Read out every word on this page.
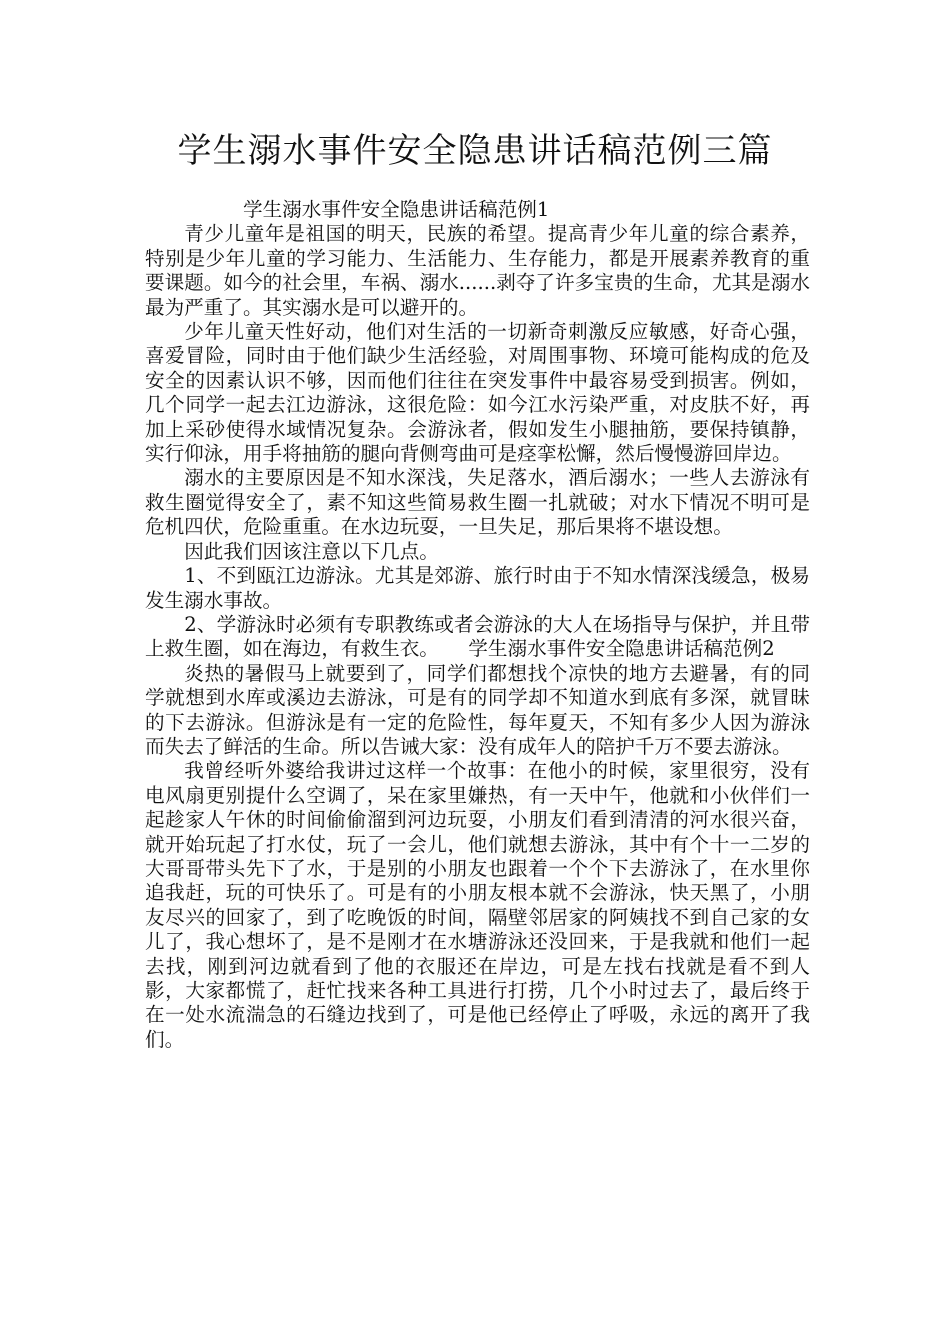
学生溺水事件安全隐患讲话稿范例三篇

学生溺水事件安全隐患讲话稿范例1

青少儿童年是祖国的明天，民族的希望。提高青少年儿童的综合素养，特别是少年儿童的学习能力、生活能力、生存能力，都是开展素养教育的重要课题。如今的社会里，车祸、溺水......剥夺了许多宝贵的生命，尤其是溺水最为严重了。其实溺水是可以避开的。

少年儿童天性好动，他们对生活的一切新奇刺激反应敏感，好奇心强，喜爱冒险，同时由于他们缺少生活经验，对周围事物、环境可能构成的危及安全的因素认识不够，因而他们往往在突发事件中最容易受到损害。例如，几个同学一起去江边游泳，这很危险：如今江水污染严重，对皮肤不好，再加上采砂使得水域情况复杂。会游泳者，假如发生小腿抽筋，要保持镇静，实行仰泳，用手将抽筋的腿向背侧弯曲可是痉挛松懈，然后慢慢游回岸边。

溺水的主要原因是不知水深浅，失足落水，酒后溺水；一些人去游泳有救生圈觉得安全了，素不知这些简易救生圈一扎就破；对水下情况不明可是危机四伏，危险重重。在水边玩耍，一旦失足，那后果将不堪设想。

因此我们因该注意以下几点。

1、不到瓯江边游泳。尤其是郊游、旅行时由于不知水情深浅缓急，极易发生溺水事故。

2、学游泳时必须有专职教练或者会游泳的大人在场指导与保护，并且带上救生圈，如在海边，有救生衣。　　学生溺水事件安全隐患讲话稿范例2

炎热的暑假马上就要到了，同学们都想找个凉快的地方去避暑，有的同学就想到水库或溪边去游泳，可是有的同学却不知道水到底有多深，就冒昧的下去游泳。但游泳是有一定的危险性，每年夏天，不知有多少人因为游泳而失去了鲜活的生命。所以告诫大家：没有成年人的陪护千万不要去游泳。

我曾经听外婆给我讲过这样一个故事：在他小的时候，家里很穷，没有电风扇更别提什么空调了，呆在家里嫌热，有一天中午，他就和小伙伴们一起趁家人午休的时间偷偷溜到河边玩耍，小朋友们看到清清的河水很兴奋，就开始玩起了打水仗，玩了一会儿，他们就想去游泳，其中有个十一二岁的大哥哥带头先下了水，于是别的小朋友也跟着一个个下去游泳了，在水里你追我赶，玩的可快乐了。可是有的小朋友根本就不会游泳，快天黑了，小朋友尽兴的回家了，到了吃晚饭的时间，隔壁邻居家的阿姨找不到自己家的女儿了，我心想坏了，是不是刚才在水塘游泳还没回来，于是我就和他们一起去找，刚到河边就看到了他的衣服还在岸边，可是左找右找就是看不到人影，大家都慌了，赶忙找来各种工具进行打捞，几个小时过去了，最后终于在一处水流湍急的石缝边找到了，可是他已经停止了呼吸，永远的离开了我们。
